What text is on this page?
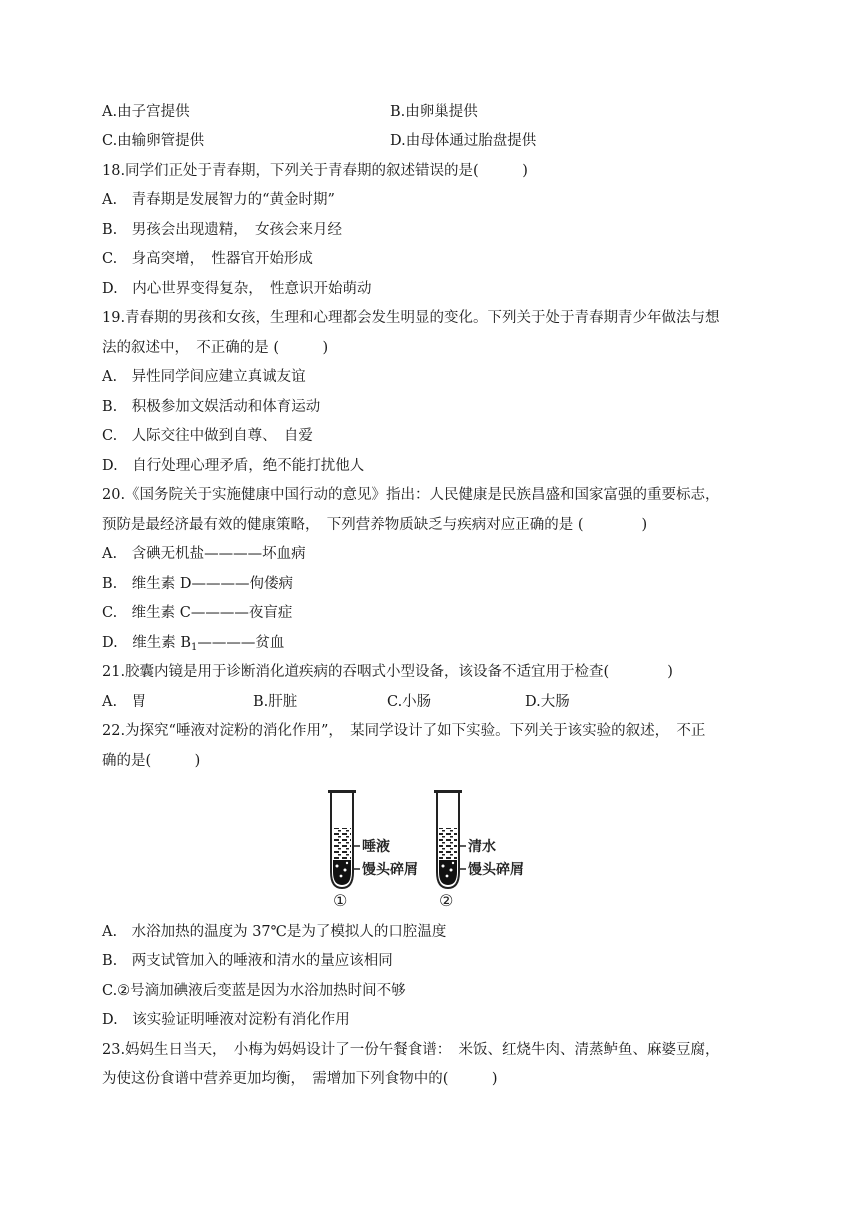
A.由子宫提供	B.由卵巢提供
C.由输卵管提供	D.由母体通过胎盘提供
18.同学们正处于青春期，下列关于青春期的叙述错误的是(　　　)
A.　青春期是发展智力的“黄金时期”
B.　男孩会出现遗精，　女孩会来月经
C.　身高突增，　性器官开始形成
D.　内心世界变得复杂，　性意识开始萌动
19.青春期的男孩和女孩，生理和心理都会发生明显的变化。下列关于处于青春期青少年做法与想
法的叙述中，　不正确的是 (　　　)
A.　异性同学间应建立真诚友谊
B.　积极参加文娱活动和体育运动
C.　人际交往中做到自尊、　自爱
D.　自行处理心理矛盾，绝不能打扰他人
20.《国务院关于实施健康中国行动的意见》指出：人民健康是民族昌盛和国家富强的重要标志，
预防是最经济最有效的健康策略，　下列营养物质缺乏与疾病对应正确的是 (　　　　)
A.　含碘无机盐————坏血病
B.　维生素 D————佝偻病
C.　维生素 C————夜盲症
D.　维生素 $B_1————$贫血
21.胶囊内镜是用于诊断消化道疾病的吞咽式小型设备，该设备不适宜用于检查(　　　　)
A.　胃	B.肝脏	C.小肠	D.大肠
22.为探究“唾液对淀粉的消化作用”，　某同学设计了如下实验。下列关于该实验的叙述，　不正
确的是(　　　)
唾液
馒头碎屑
①
清水
馒头碎屑
②
A.　水浴加热的温度为 37℃是为了模拟人的口腔温度
B.　两支试管加入的唾液和清水的量应该相同
C.②号滴加碘液后变蓝是因为水浴加热时间不够
D.　该实验证明唾液对淀粉有消化作用
23.妈妈生日当天，　小梅为妈妈设计了一份午餐食谱：　米饭、红烧牛肉、清蒸鲈鱼、麻婆豆腐，
为使这份食谱中营养更加均衡，　需增加下列食物中的(　　　)
